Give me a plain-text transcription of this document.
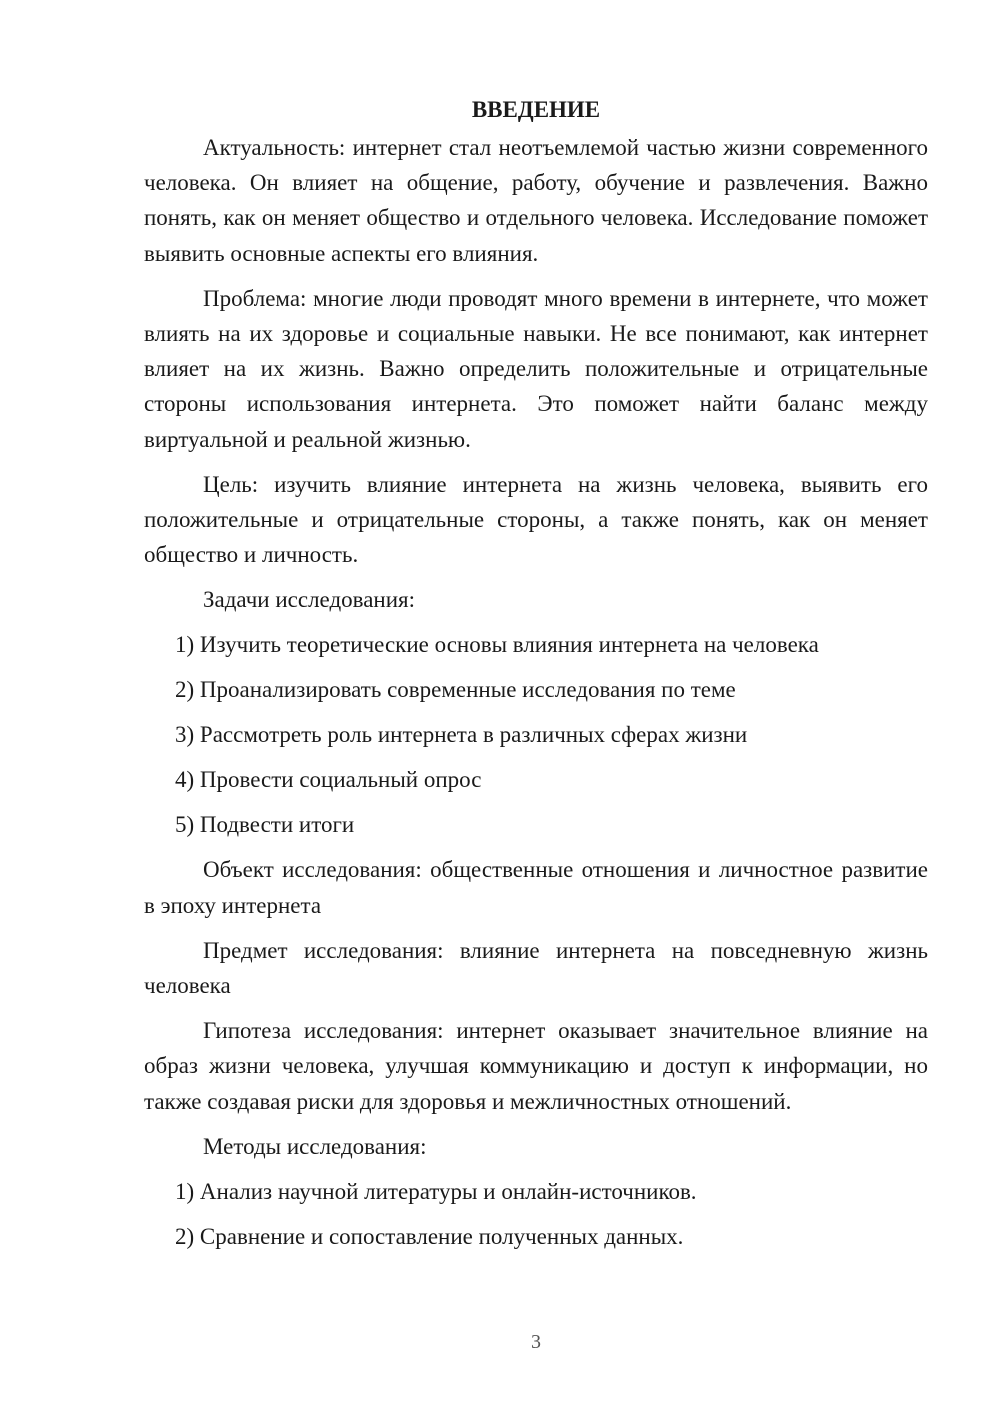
ВВЕДЕНИЕ

Актуальность: интернет стал неотъемлемой частью жизни современного человека. Он влияет на общение, работу, обучение и развлечения. Важно понять, как он меняет общество и отдельного человека. Исследование поможет выявить основные аспекты его влияния.

Проблема: многие люди проводят много времени в интернете, что может влиять на их здоровье и социальные навыки. Не все понимают, как интернет влияет на их жизнь. Важно определить положительные и отрицательные стороны использования интернета. Это поможет найти баланс между виртуальной и реальной жизнью.

Цель: изучить влияние интернета на жизнь человека, выявить его положительные и отрицательные стороны, а также понять, как он меняет общество и личность.

Задачи исследования:

1) Изучить теоретические основы влияния интернета на человека
2) Проанализировать современные исследования по теме
3) Рассмотреть роль интернета в различных сферах жизни
4) Провести социальный опрос
5) Подвести итоги

Объект исследования: общественные отношения и личностное развитие в эпоху интернета

Предмет исследования: влияние интернета на повседневную жизнь человека

Гипотеза исследования: интернет оказывает значительное влияние на образ жизни человека, улучшая коммуникацию и доступ к информации, но также создавая риски для здоровья и межличностных отношений.

Методы исследования:

1) Анализ научной литературы и онлайн-источников.
2) Сравнение и сопоставление полученных данных.
3
